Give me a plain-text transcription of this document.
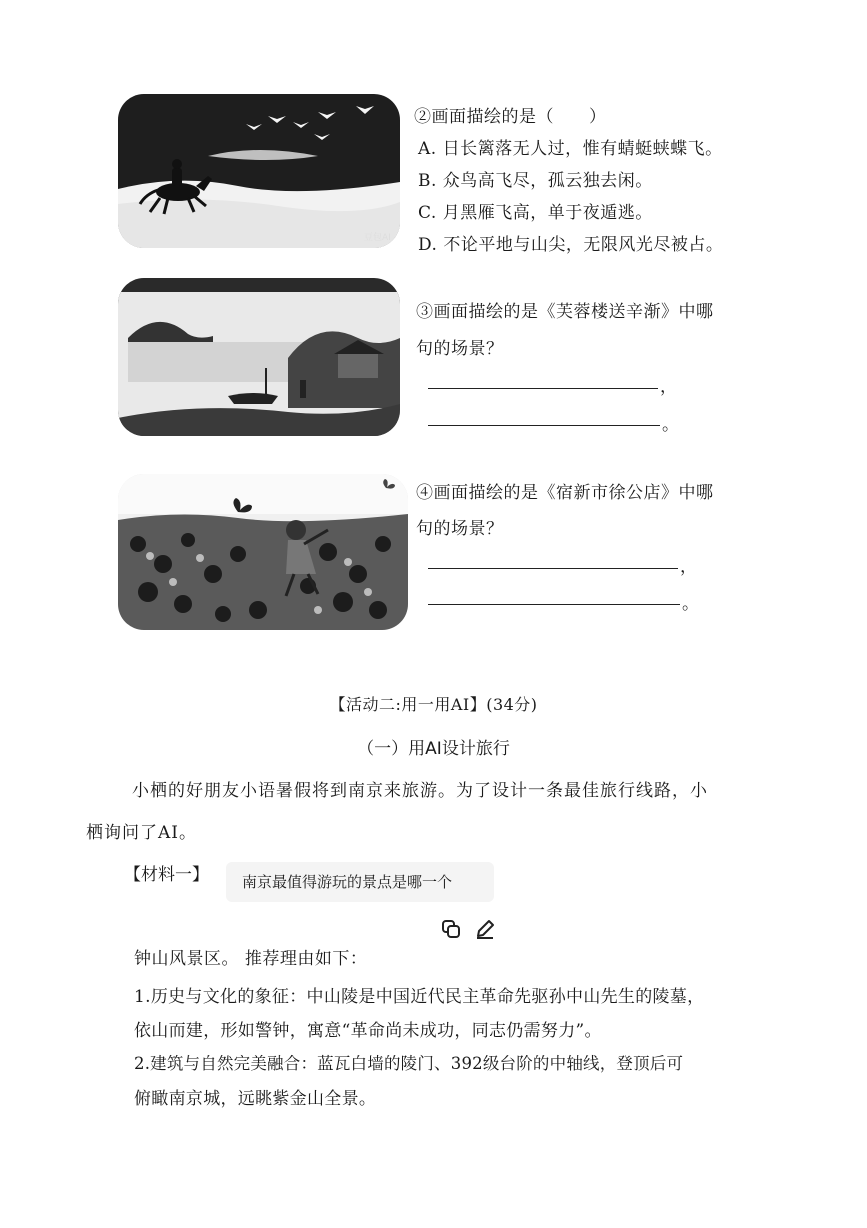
豆包AI
②画面描绘的是（　　）
A. 日长篱落无人过，惟有蜻蜓蛱蝶飞。
B. 众鸟高飞尽，孤云独去闲。
C. 月黑雁飞高，单于夜遁逃。
D. 不论平地与山尖，无限风光尽被占。
③画面描绘的是《芙蓉楼送辛渐》中哪
句的场景？
，
。
④画面描绘的是《宿新市徐公店》中哪
句的场景？
，
。
【活动二:用一用AI】(34分)
（一）用AI设计旅行
小栖的好朋友小语暑假将到南京来旅游。为了设计一条最佳旅行线路，小
栖询问了AI。
【材料一】	南京最值得游玩的景点是哪一个
钟山风景区。 推荐理由如下：
1.历史与文化的象征：中山陵是中国近代民主革命先驱孙中山先生的陵墓，
依山而建，形如警钟，寓意“革命尚未成功，同志仍需努力”。
2.建筑与自然完美融合：蓝瓦白墙的陵门、392级台阶的中轴线，登顶后可
俯瞰南京城，远眺紫金山全景。
